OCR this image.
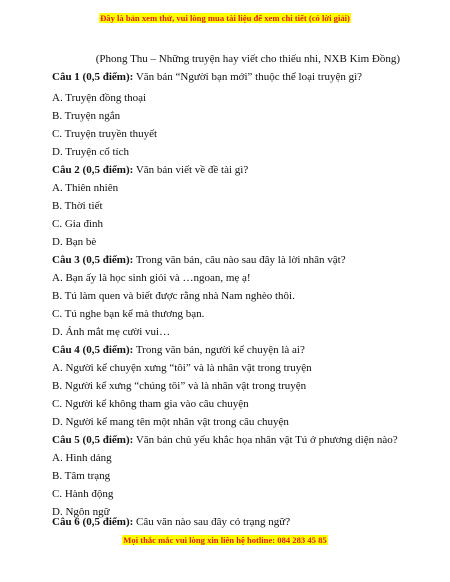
Đây là bản xem thử, vui lòng mua tài liệu để xem chi tiết (có lời giải)
(Phong Thu – Những truyện hay viết cho thiếu nhi, NXB Kim Đồng)
Câu 1 (0,5 điểm): Văn bản “Người bạn mới” thuộc thể loại truyện gì?
A. Truyện đồng thoại
B. Truyện ngắn
C. Truyện truyền thuyết
D. Truyện cổ tích
Câu 2 (0,5 điểm): Văn bản viết về đề tài gì?
A. Thiên nhiên
B. Thời tiết
C. Gia đình
D. Bạn bè
Câu 3 (0,5 điểm): Trong văn bản, câu nào sau đây là lời nhân vật?
A. Bạn ấy là học sinh giỏi và …ngoan, mẹ ạ!
B. Tú làm quen và biết được rằng nhà Nam nghèo thôi.
C. Tú nghe bạn kể mà thương bạn.
D. Ánh mắt mẹ cười vui…
Câu 4 (0,5 điểm): Trong văn bản, người kể chuyện là ai?
A. Người kể chuyện xưng “tôi” và là nhân vật trong truyện
B. Người kể xưng “chúng tôi” và là nhân vật trong truyện
C. Người kể không tham gia vào câu chuyện
D. Người kể mang tên một nhân vật trong câu chuyện
Câu 5 (0,5 điểm): Văn bản chủ yếu khắc họa nhân vật Tú ở phương diện nào?
A. Hình dáng
B. Tâm trạng
C. Hành động
D. Ngôn ngữ
Câu 6 (0,5 điểm): Câu văn nào sau đây có trạng ngữ?
Mọi thắc mắc vui lòng xin liên hệ hotline: 084 283 45 85
